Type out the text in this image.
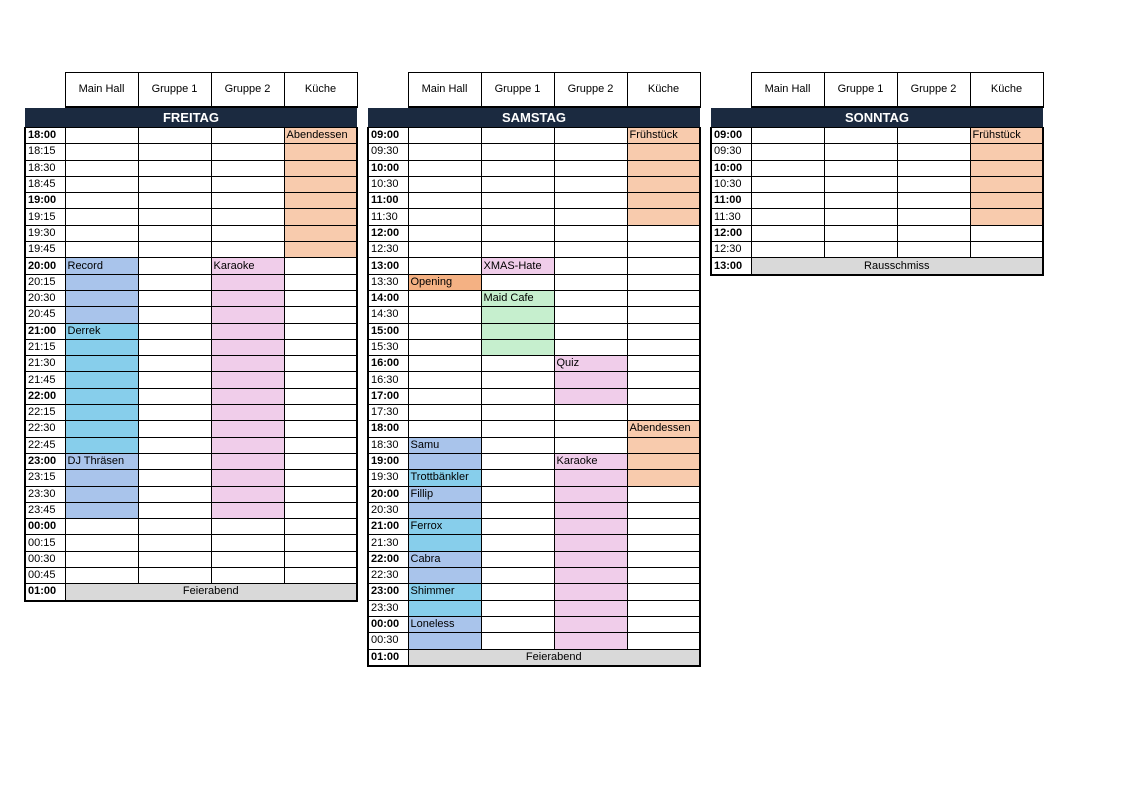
	Main Hall	Gruppe 1	Gruppe 2	Küche
FREITAG				
18:00				Abendessen
18:15				
18:30				
18:45				
19:00				
19:15				
19:30				
19:45				
20:00	Record		Karaoke	
20:15				
20:30				
20:45				
21:00	Derrek			
21:15				
21:30				
21:45				
22:00				
22:15				
22:30				
22:45				
23:00	DJ Thräsen			
23:15				
23:30				
23:45				
00:00				
00:15				
00:30				
00:45				
01:00	Feierabend			
	Main Hall	Gruppe 1	Gruppe 2	Küche
SAMSTAG				
09:00				Frühstück
09:30				
10:00				
10:30				
11:00				
11:30				
12:00				
12:30				
13:00		XMAS-Hate		
13:30	Opening			
14:00		Maid Cafe		
14:30				
15:00				
15:30				
16:00			Quiz	
16:30				
17:00				
17:30				
18:00				Abendessen
18:30	Samu			
19:00			Karaoke	
19:30	Trottbänkler			
20:00	Fillip			
20:30				
21:00	Ferrox			
21:30				
22:00	Cabra			
22:30				
23:00	Shimmer			
23:30				
00:00	Loneless			
00:30				
01:00	Feierabend			
	Main Hall	Gruppe 1	Gruppe 2	Küche
SONNTAG				
09:00				Frühstück
09:30				
10:00				
10:30				
11:00				
11:30				
12:00				
12:30				
13:00	Rausschmiss			
